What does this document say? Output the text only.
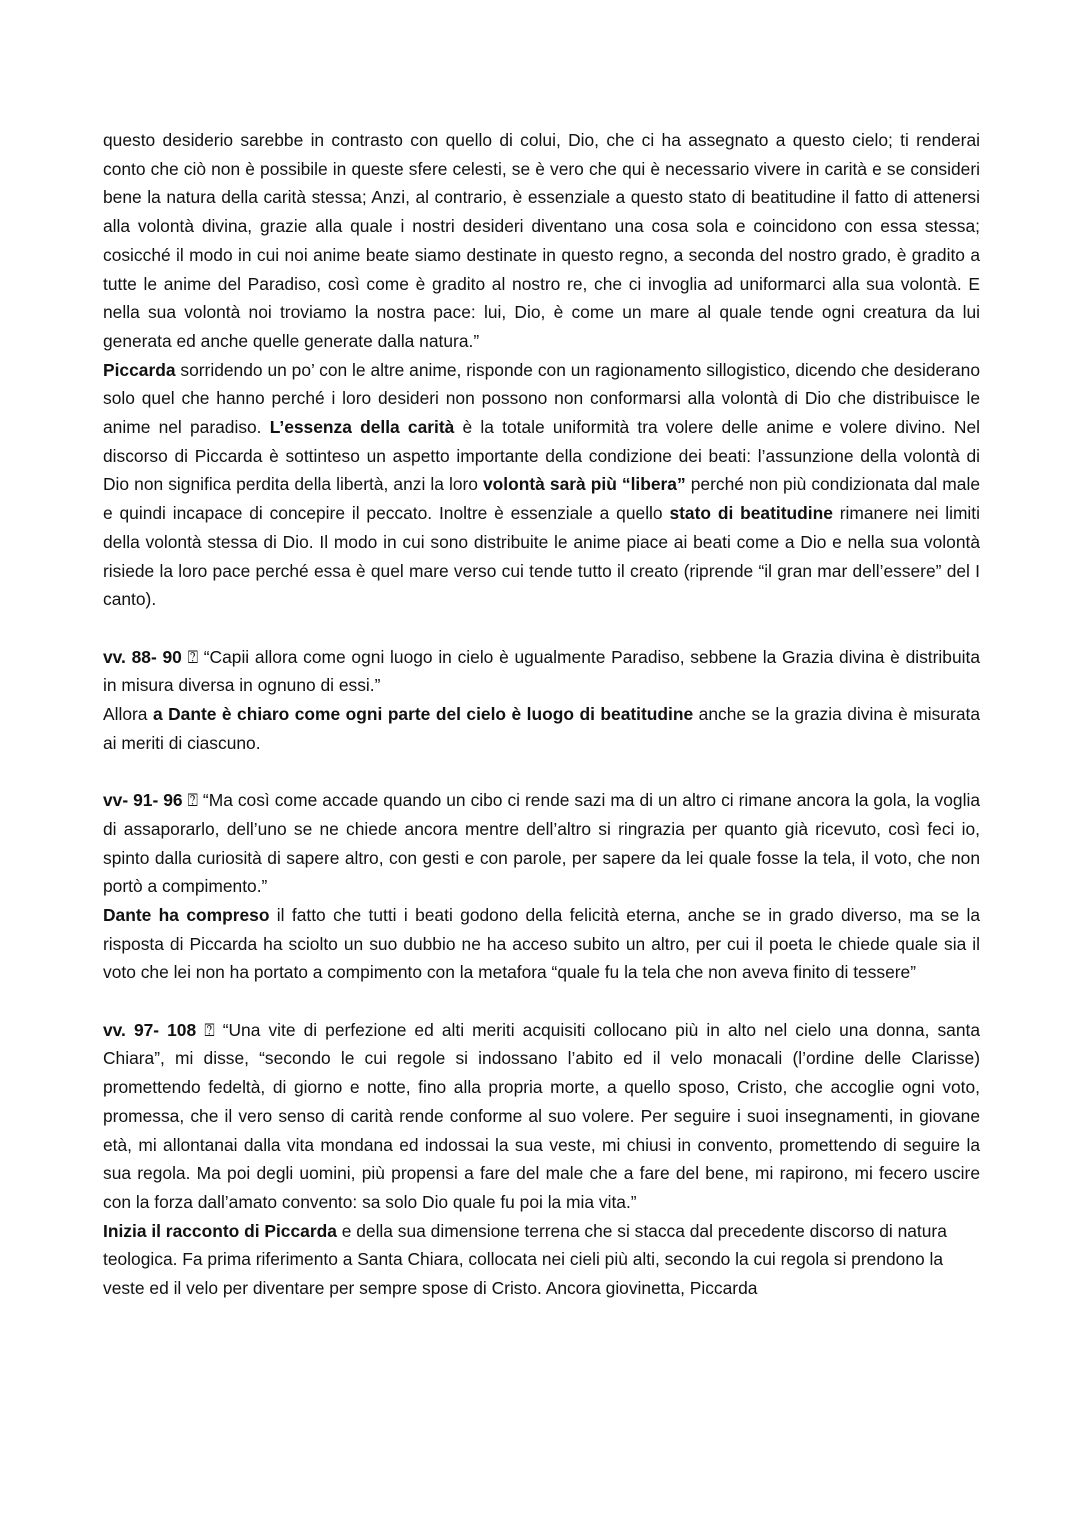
questo desiderio sarebbe in contrasto con quello di colui, Dio, che ci ha assegnato a questo cielo; ti renderai conto che ciò non è possibile in queste sfere celesti, se è vero che qui è necessario vivere in carità e se consideri bene la natura della carità stessa; Anzi, al contrario, è essenziale a questo stato di beatitudine il fatto di attenersi alla volontà divina, grazie alla quale i nostri desideri diventano una cosa sola e coincidono con essa stessa; cosicché il modo in cui noi anime beate siamo destinate in questo regno, a seconda del nostro grado, è gradito a tutte le anime del Paradiso, così come è gradito al nostro re, che ci invoglia ad uniformarci alla sua volontà. E nella sua volontà noi troviamo la nostra pace: lui, Dio, è come un mare al quale tende ogni creatura da lui generata ed anche quelle generate dalla natura.”

Piccarda sorridendo un po’ con le altre anime, risponde con un ragionamento sillogistico, dicendo che desiderano solo quel che hanno perché i loro desideri non possono non conformarsi alla volontà di Dio che distribuisce le anime nel paradiso. L’essenza della carità è la totale uniformità tra volere delle anime e volere divino. Nel discorso di Piccarda è sottinteso un aspetto importante della condizione dei beati: l’assunzione della volontà di Dio non significa perdita della libertà, anzi la loro volontà sarà più “libera” perché non più condizionata dal male e quindi incapace di concepire il peccato. Inoltre è essenziale a quello stato di beatitudine rimanere nei limiti della volontà stessa di Dio. Il modo in cui sono distribuite le anime piace ai beati come a Dio e nella sua volontà risiede la loro pace perché essa è quel mare verso cui tende tutto il creato (riprende “il gran mar dell’essere” del I canto).

vv. 88- 90 ⍰ “Capii allora come ogni luogo in cielo è ugualmente Paradiso, sebbene la Grazia divina è distribuita in misura diversa in ognuno di essi.”

Allora a Dante è chiaro come ogni parte del cielo è luogo di beatitudine anche se la grazia divina è misurata ai meriti di ciascuno.

vv- 91- 96 ⍰ “Ma così come accade quando un cibo ci rende sazi ma di un altro ci rimane ancora la gola, la voglia di assaporarlo, dell’uno se ne chiede ancora mentre dell’altro si ringrazia per quanto già ricevuto, così feci io, spinto dalla curiosità di sapere altro, con gesti e con parole, per sapere da lei quale fosse la tela, il voto, che non portò a compimento.”

Dante ha compreso il fatto che tutti i beati godono della felicità eterna, anche se in grado diverso, ma se la risposta di Piccarda ha sciolto un suo dubbio ne ha acceso subito un altro, per cui il poeta le chiede quale sia il voto che lei non ha portato a compimento con la metafora “quale fu la tela che non aveva finito di tessere”

vv. 97- 108 ⍰ “Una vite di perfezione ed alti meriti acquisiti collocano più in alto nel cielo una donna, santa Chiara”, mi disse, “secondo le cui regole si indossano l’abito ed il velo monacali (l’ordine delle Clarisse) promettendo fedeltà, di giorno e notte, fino alla propria morte, a quello sposo, Cristo, che accoglie ogni voto, promessa, che il vero senso di carità rende conforme al suo volere. Per seguire i suoi insegnamenti, in giovane età, mi allontanai dalla vita mondana ed indossai la sua veste, mi chiusi in convento, promettendo di seguire la sua regola. Ma poi degli uomini, più propensi a fare del male che a fare del bene, mi rapirono, mi fecero uscire con la forza dall’amato convento: sa solo Dio quale fu poi la mia vita.”

Inizia il racconto di Piccarda e della sua dimensione terrena che si stacca dal precedente discorso di natura teologica. Fa prima riferimento a Santa Chiara, collocata nei cieli più alti, secondo la cui regola si prendono la veste ed il velo per diventare per sempre spose di Cristo. Ancora giovinetta, Piccarda
